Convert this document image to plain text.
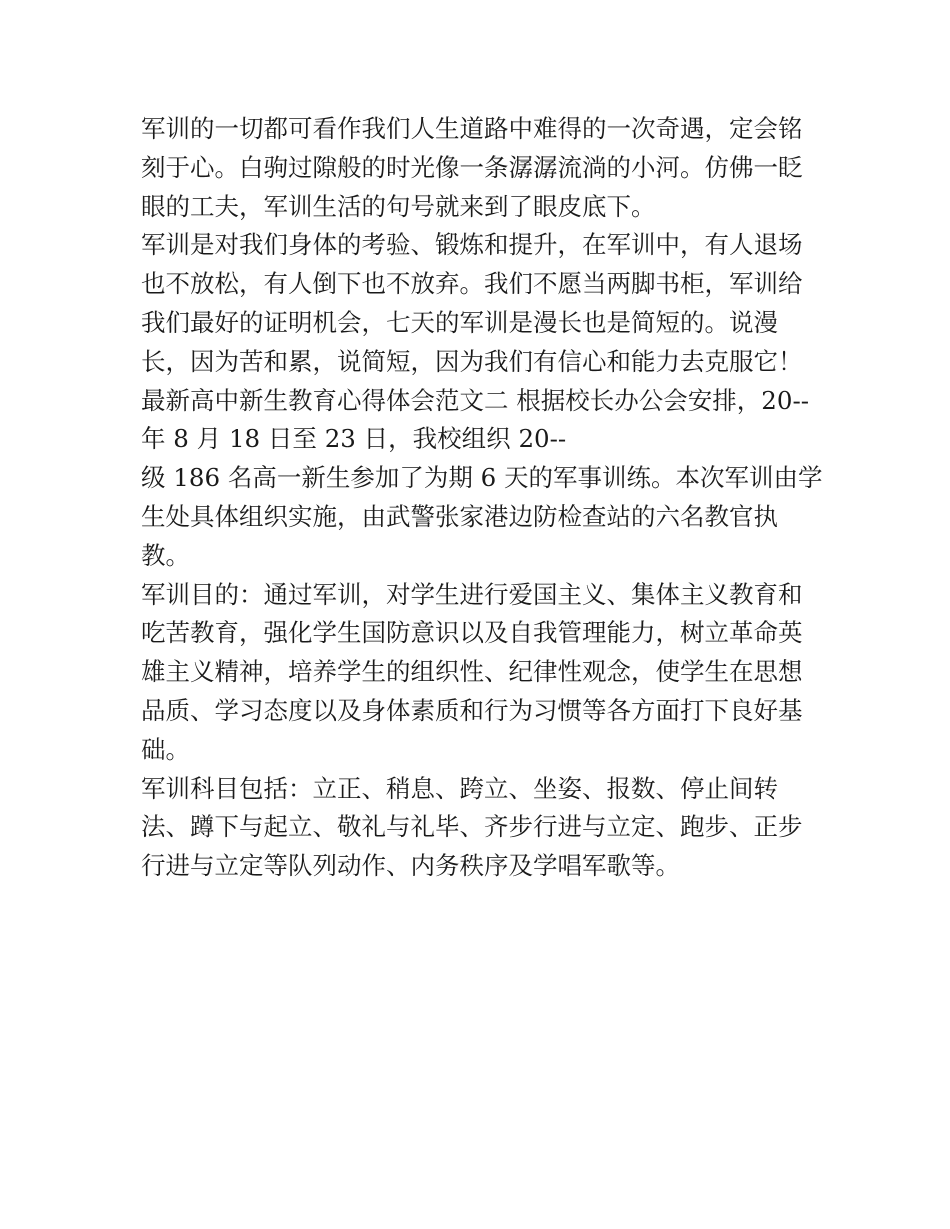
军训的一切都可看作我们人生道路中难得的一次奇遇，定会铭
刻于心。白驹过隙般的时光像一条潺潺流淌的小河。仿佛一眨
眼的工夫，军训生活的句号就来到了眼皮底下。
军训是对我们身体的考验、锻炼和提升，在军训中，有人退场
也不放松，有人倒下也不放弃。我们不愿当两脚书柜，军训给
我们最好的证明机会，七天的军训是漫长也是简短的。说漫
长，因为苦和累，说简短，因为我们有信心和能力去克服它！
最新高中新生教育心得体会范文二 根据校长办公会安排，20--
年 8 月 18 日至 23 日，我校组织 20--
级 186 名高一新生参加了为期 6 天的军事训练。本次军训由学
生处具体组织实施，由武警张家港边防检查站的六名教官执
教。
军训目的：通过军训，对学生进行爱国主义、集体主义教育和
吃苦教育，强化学生国防意识以及自我管理能力，树立革命英
雄主义精神，培养学生的组织性、纪律性观念，使学生在思想
品质、学习态度以及身体素质和行为习惯等各方面打下良好基
础。
军训科目包括：立正、稍息、跨立、坐姿、报数、停止间转
法、蹲下与起立、敬礼与礼毕、齐步行进与立定、跑步、正步
行进与立定等队列动作、内务秩序及学唱军歌等。
